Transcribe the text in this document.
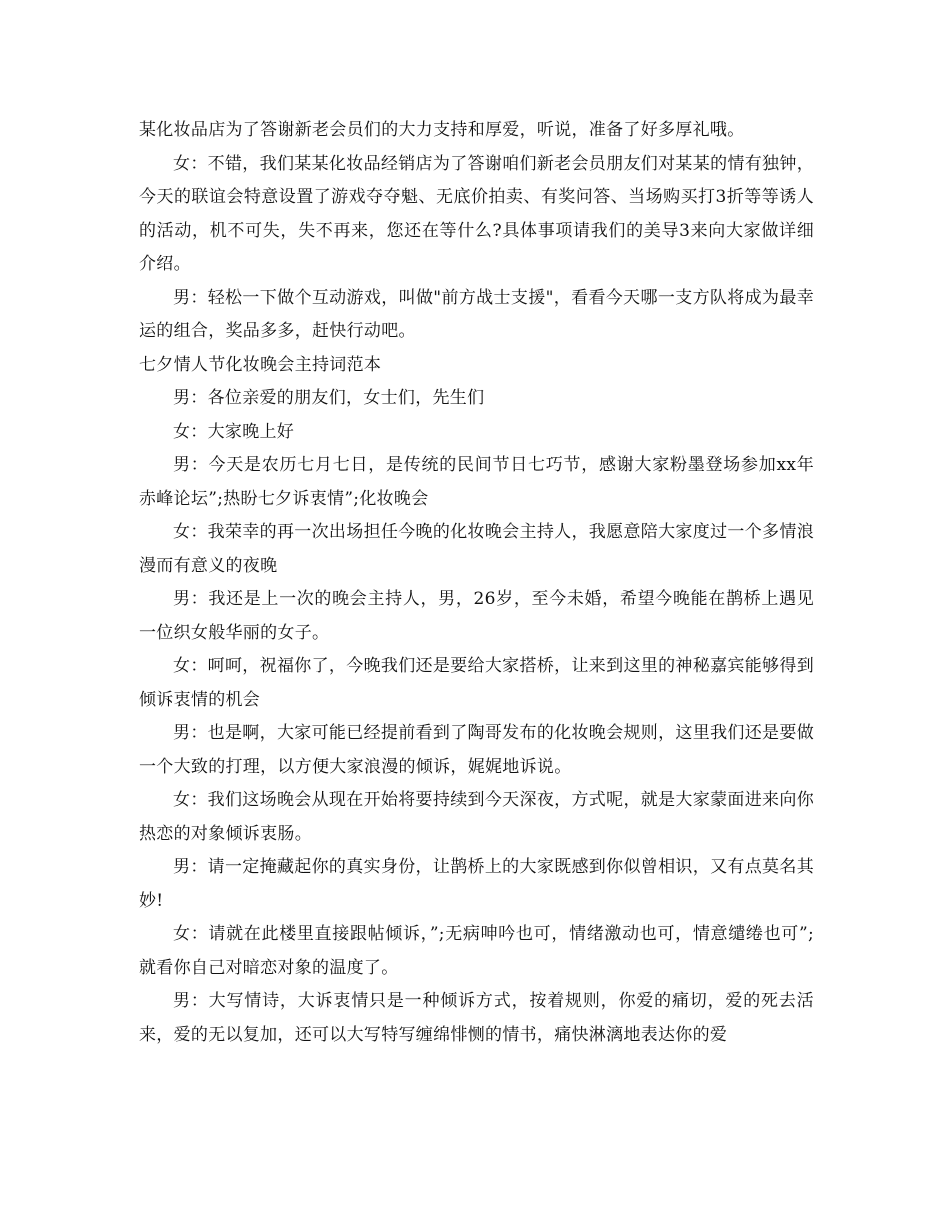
某化妆品店为了答谢新老会员们的大力支持和厚爱，听说，准备了好多厚礼哦。

女：不错，我们某某化妆品经销店为了答谢咱们新老会员朋友们对某某的情有独钟，今天的联谊会特意设置了游戏夺夺魁、无底价拍卖、有奖问答、当场购买打3折等等诱人的活动，机不可失，失不再来，您还在等什么?具体事项请我们的美导3来向大家做详细介绍。

男：轻松一下做个互动游戏，叫做"前方战士支援"，看看今天哪一支方队将成为最幸运的组合，奖品多多，赶快行动吧。

七夕情人节化妆晚会主持词范本

男：各位亲爱的朋友们，女士们，先生们

女：大家晚上好

男：今天是农历七月七日，是传统的民间节日七巧节，感谢大家粉墨登场参加xx年赤峰论坛”;热盼七夕诉衷情”;化妆晚会

女：我荣幸的再一次出场担任今晚的化妆晚会主持人，我愿意陪大家度过一个多情浪漫而有意义的夜晚

男：我还是上一次的晚会主持人，男，26岁，至今未婚，希望今晚能在鹊桥上遇见一位织女般华丽的女子。

女：呵呵，祝福你了，今晚我们还是要给大家搭桥，让来到这里的神秘嘉宾能够得到倾诉衷情的机会

男：也是啊，大家可能已经提前看到了陶哥发布的化妆晚会规则，这里我们还是要做一个大致的打理，以方便大家浪漫的倾诉，娓娓地诉说。

女：我们这场晚会从现在开始将要持续到今天深夜，方式呢，就是大家蒙面进来向你热恋的对象倾诉衷肠。

男：请一定掩藏起你的真实身份，让鹊桥上的大家既感到你似曾相识，又有点莫名其妙!

女：请就在此楼里直接跟帖倾诉，”;无病呻吟也可，情绪激动也可，情意缱绻也可”;就看你自己对暗恋对象的温度了。

男：大写情诗，大诉衷情只是一种倾诉方式，按着规则，你爱的痛切，爱的死去活来，爱的无以复加，还可以大写特写缠绵悱恻的情书，痛快淋漓地表达你的爱
